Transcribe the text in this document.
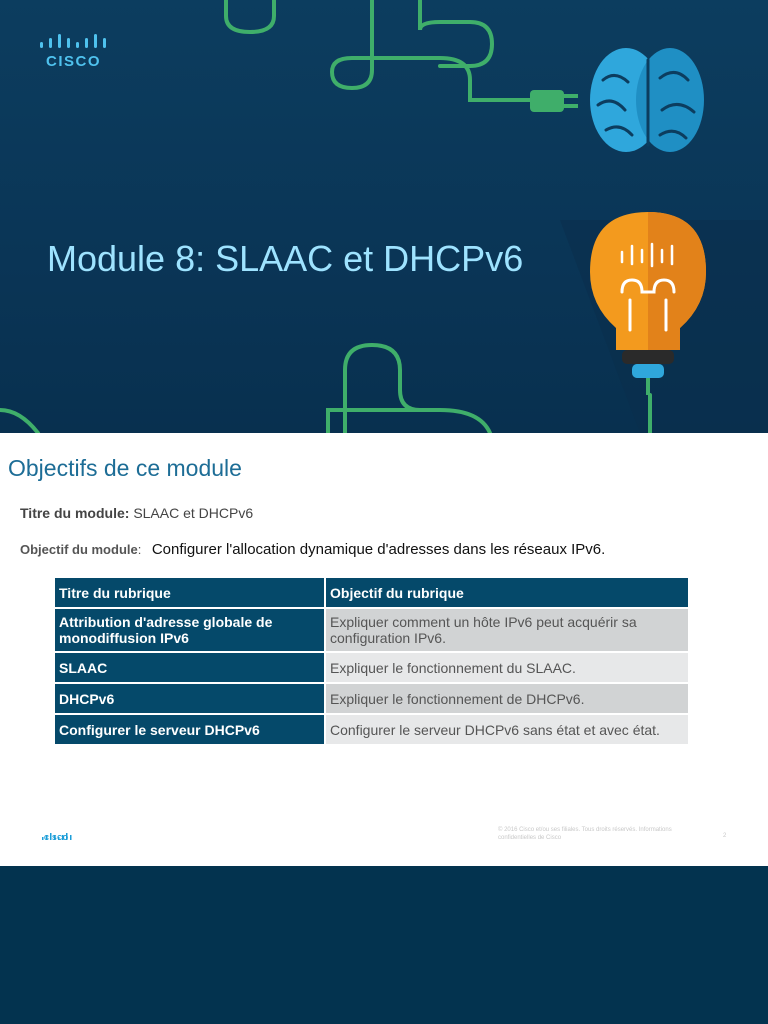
CISCO
Module 8: SLAAC et DHCPv6
Objectifs de ce module
Titre du module: SLAAC et DHCPv6
Objectif du module: Configurer l'allocation dynamique d'adresses dans les réseaux IPv6.
Titre du rubrique	Objectif du rubrique
Attribution d'adresse globale de monodiffusion IPv6	Expliquer comment un hôte IPv6 peut acquérir sa configuration IPv6.
SLAAC	Expliquer le fonctionnement du SLAAC.
DHCPv6	Expliquer le fonctionnement de DHCPv6.
Configurer le serveur DHCPv6	Configurer le serveur DHCPv6 sans état et avec état.
CISCO
© 2016 Cisco et/ou ses filiales. Tous droits réservés. Informations confidentielles de Cisco	2
